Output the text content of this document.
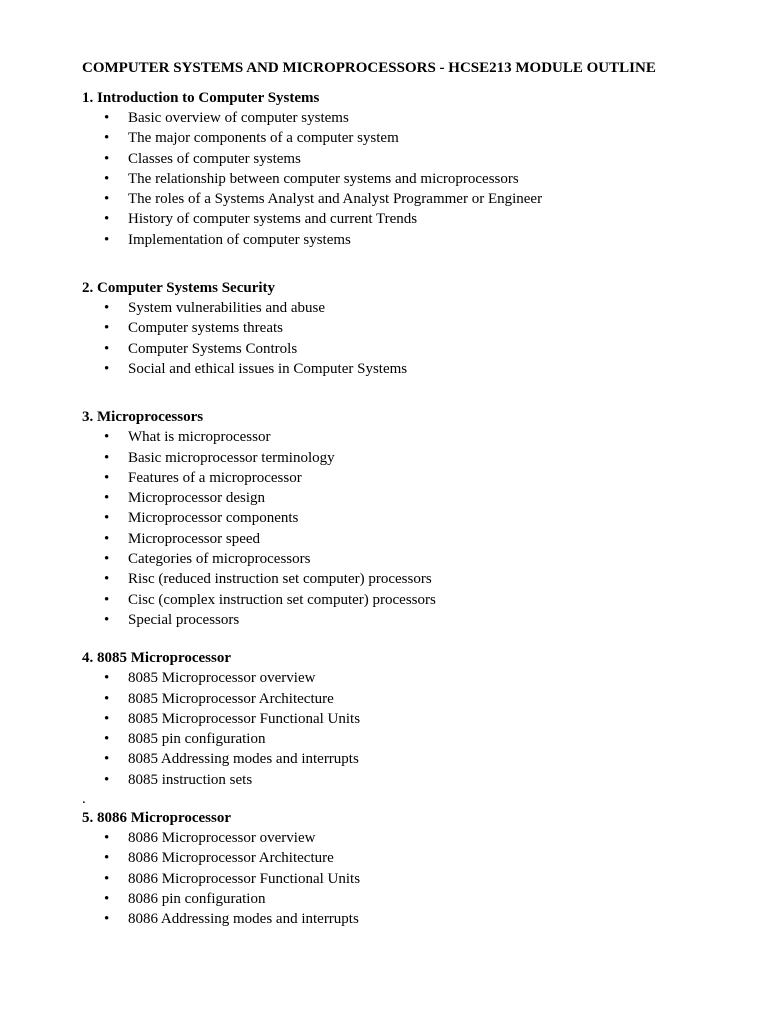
COMPUTER SYSTEMS AND MICROPROCESSORS - HCSE213 MODULE OUTLINE
1. Introduction to Computer Systems
• Basic overview of computer systems
• The major components of a computer system
• Classes of computer systems
• The relationship between computer systems and microprocessors
• The roles of a Systems Analyst and Analyst Programmer or Engineer
• History of computer systems and current Trends
• Implementation of computer systems
2. Computer Systems Security
• System vulnerabilities and abuse
• Computer systems threats
• Computer Systems Controls
• Social and ethical issues in Computer Systems
3. Microprocessors
• What is microprocessor
• Basic microprocessor terminology
• Features of a microprocessor
• Microprocessor design
• Microprocessor components
• Microprocessor speed
• Categories of microprocessors
• Risc (reduced instruction set computer) processors
• Cisc (complex instruction set computer) processors
• Special processors
4. 8085 Microprocessor
• 8085 Microprocessor overview
• 8085 Microprocessor Architecture
• 8085 Microprocessor Functional Units
• 8085 pin configuration
• 8085 Addressing modes and interrupts
• 8085 instruction sets
.
5. 8086 Microprocessor
• 8086 Microprocessor overview
• 8086 Microprocessor Architecture
• 8086 Microprocessor Functional Units
• 8086 pin configuration
• 8086 Addressing modes and interrupts
